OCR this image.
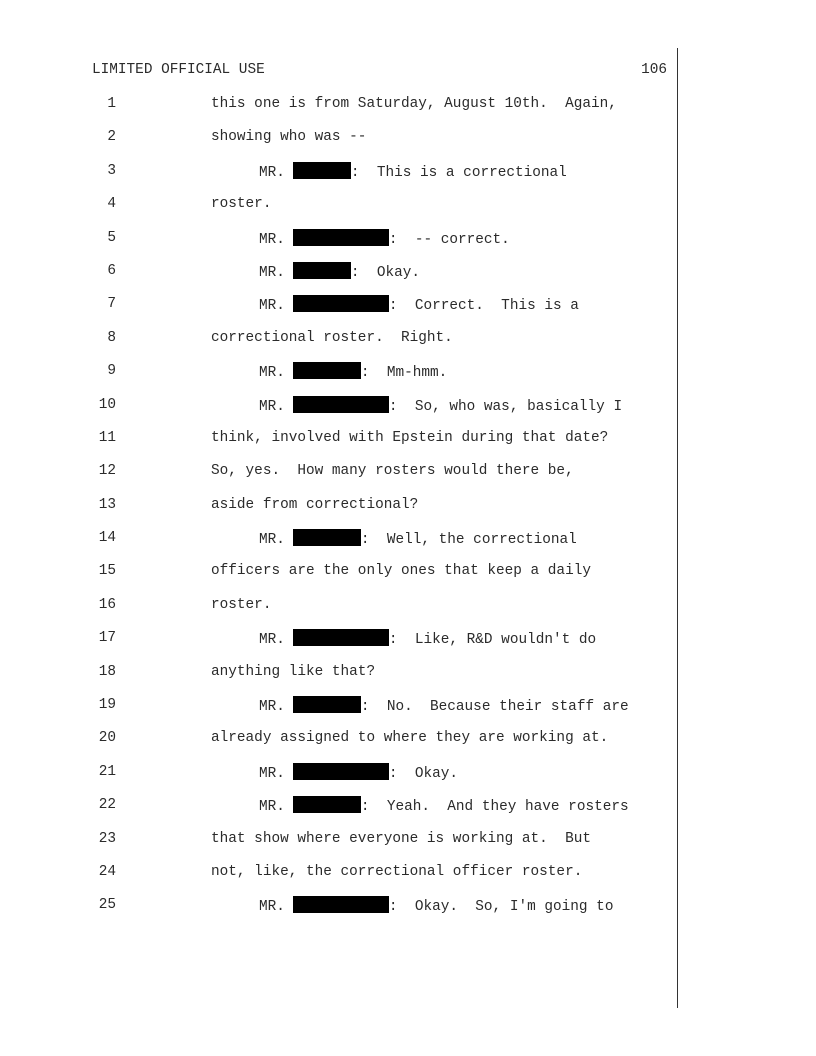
LIMITED OFFICIAL USE	106
1	this one is from Saturday, August 10th.  Again,
2	showing who was --
3	MR.	:  This is a correctional
4	roster.
5	MR.	:  -- correct.
6	MR.	:  Okay.
7	MR.	:  Correct.  This is a
8	correctional roster.  Right.
9	MR.	:  Mm-hmm.
10	MR.	:  So, who was, basically I
11	think, involved with Epstein during that date?
12	So, yes.  How many rosters would there be,
13	aside from correctional?
14	MR.	:  Well, the correctional
15	officers are the only ones that keep a daily
16	roster.
17	MR.	:  Like, R&D wouldn't do
18	anything like that?
19	MR.	:  No.  Because their staff are
20	already assigned to where they are working at.
21	MR.	:  Okay.
22	MR.	:  Yeah.  And they have rosters
23	that show where everyone is working at.  But
24	not, like, the correctional officer roster.
25	MR.	:  Okay.  So, I'm going to
